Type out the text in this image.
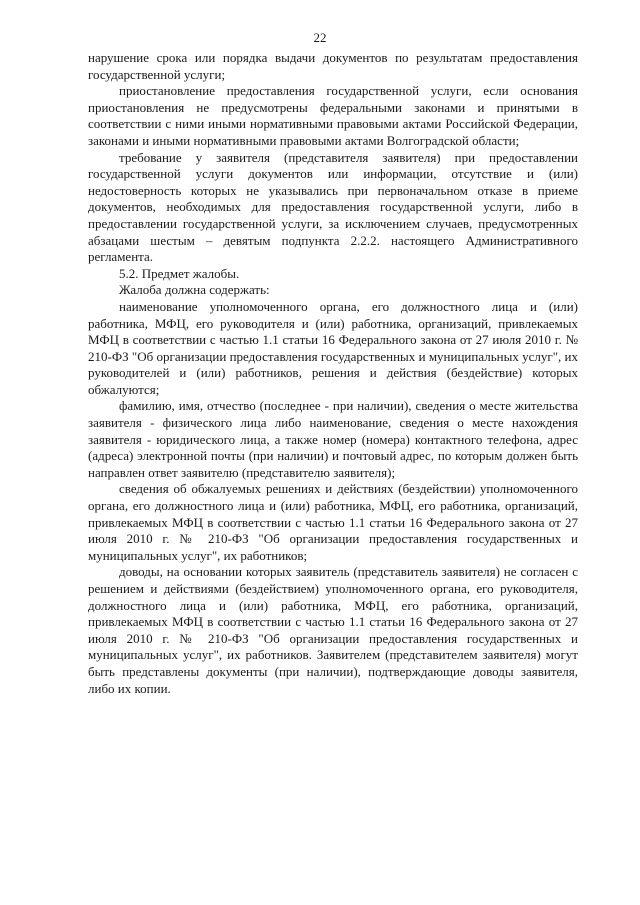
22

нарушение срока или порядка выдачи документов по результатам предоставления государственной услуги;

приостановление предоставления государственной услуги, если основания приостановления не предусмотрены федеральными законами и принятыми в соответствии с ними иными нормативными правовыми актами Российской Федерации, законами и иными нормативными правовыми актами Волгоградской области;

требование у заявителя (представителя заявителя) при предоставлении государственной услуги документов или информации, отсутствие и (или) недостоверность которых не указывались при первоначальном отказе в приеме документов, необходимых для предоставления государственной услуги, либо в предоставлении государственной услуги, за исключением случаев, предусмотренных абзацами шестым – девятым подпункта 2.2.2. настоящего Административного регламента.

5.2. Предмет жалобы.

Жалоба должна содержать:

наименование уполномоченного органа, его должностного лица и (или) работника, МФЦ, его руководителя и (или) работника, организаций, привлекаемых МФЦ в соответствии с частью 1.1 статьи 16 Федерального закона от 27 июля 2010 г. № 210-ФЗ "Об организации предоставления государственных и муниципальных услуг", их руководителей и (или) работников, решения и действия (бездействие) которых обжалуются;

фамилию, имя, отчество (последнее - при наличии), сведения о месте жительства заявителя - физического лица либо наименование, сведения о месте нахождения заявителя - юридического лица, а также номер (номера) контактного телефона, адрес (адреса) электронной почты (при наличии) и почтовый адрес, по которым должен быть направлен ответ заявителю (представителю заявителя);

сведения об обжалуемых решениях и действиях (бездействии) уполномоченного органа, его должностного лица и (или) работника, МФЦ, его работника, организаций, привлекаемых МФЦ в соответствии с частью 1.1 статьи 16 Федерального закона от 27 июля 2010 г. № 210-ФЗ "Об организации предоставления государственных и муниципальных услуг", их работников;

доводы, на основании которых заявитель (представитель заявителя) не согласен с решением и действиями (бездействием) уполномоченного органа, его руководителя, должностного лица и (или) работника, МФЦ, его работника, организаций, привлекаемых МФЦ в соответствии с частью 1.1 статьи 16 Федерального закона от 27 июля 2010 г. № 210-ФЗ "Об организации предоставления государственных и муниципальных услуг", их работников. Заявителем (представителем заявителя) могут быть представлены документы (при наличии), подтверждающие доводы заявителя, либо их копии.
